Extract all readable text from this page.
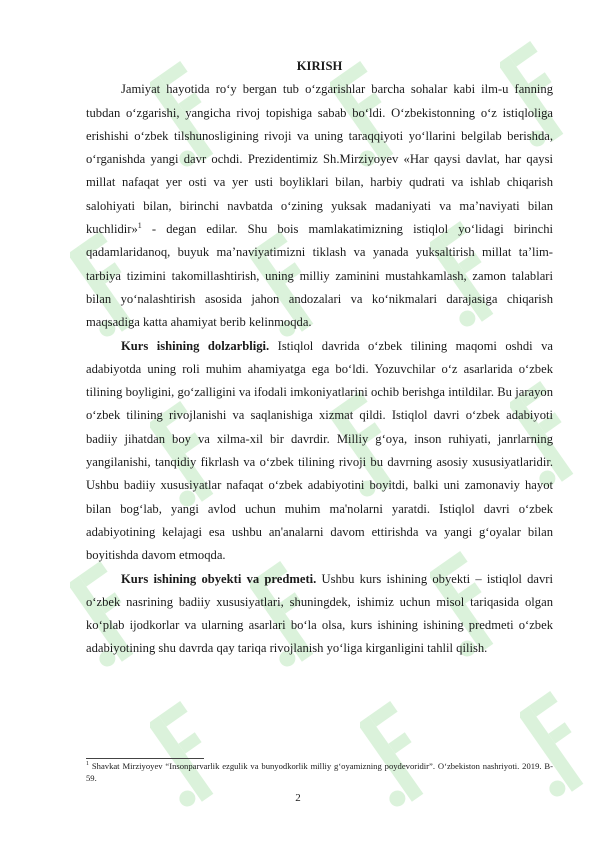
KIRISH

Jamiyat hayotida ro‘y bergan tub o‘zgarishlar barcha sohalar kabi ilm-u fanning tubdan o‘zgarishi, yangicha rivoj topishiga sabab bo‘ldi. O‘zbekistonning o‘z istiqloliga erishishi o‘zbek tilshunosligining rivoji va uning taraqqiyoti yo‘llarini belgilab berishda, o‘rganishda yangi davr ochdi. Prezidentimiz Sh.Mirziyoyev «Har qaysi davlat, har qaysi millat nafaqat yer osti va yer usti boyliklari bilan, harbiy qudrati va ishlab chiqarish salohiyati bilan, birinchi navbatda o‘zining yuksak madaniyati va ma’naviyati bilan kuchlidir»$^1$ - degan edilar. Shu bois mamlakatimizning istiqlol yo‘lidagi birinchi qadamlaridanoq, buyuk ma’naviyatimizni tiklash va yanada yuksaltirish millat ta’lim-tarbiya tizimini takomillashtirish, uning milliy zaminini mustahkamlash, zamon talablari bilan yo‘nalashtirish asosida jahon andozalari va ko‘nikmalari darajasiga chiqarish maqsadiga katta ahamiyat berib kelinmoqda.

Kurs ishining dolzarbligi. Istiqlol davrida o‘zbek tilining maqomi oshdi va adabiyotda uning roli muhim ahamiyatga ega bo‘ldi. Yozuvchilar o‘z asarlarida o‘zbek tilining boyligini, go‘zalligini va ifodali imkoniyatlarini ochib berishga intildilar. Bu jarayon o‘zbek tilining rivojlanishi va saqlanishiga xizmat qildi. Istiqlol davri o‘zbek adabiyoti badiiy jihatdan boy va xilma-xil bir davrdir. Milliy g‘oya, inson ruhiyati, janrlarning yangilanishi, tanqidiy fikrlash va o‘zbek tilining rivoji bu davrning asosiy xususiyatlaridir. Ushbu badiiy xususiyatlar nafaqat o‘zbek adabiyotini boyitdi, balki uni zamonaviy hayot bilan bog‘lab, yangi avlod uchun muhim ma'nolarni yaratdi. Istiqlol davri o‘zbek adabiyotining kelajagi esa ushbu an'analarni davom ettirishda va yangi g‘oyalar bilan boyitishda davom etmoqda.

Kurs ishining obyekti va predmeti. Ushbu kurs ishining obyekti – istiqlol davri o‘zbek nasrining badiiy xususiyatlari, shuningdek, ishimiz uchun misol tariqasida olgan ko‘plab ijodkorlar va ularning asarlari bo‘la olsa, kurs ishining ishining predmeti o‘zbek adabiyotining shu davrda qay tariqa rivojlanish yo‘liga kirganligini tahlil qilish.

$^1$ Shavkat Mirziyoyev “Insonparvarlik ezgulik va bunyodkorlik milliy g‘oyamizning poydevoridir”. O‘zbekiston nashriyoti. 2019. B-59.
2
